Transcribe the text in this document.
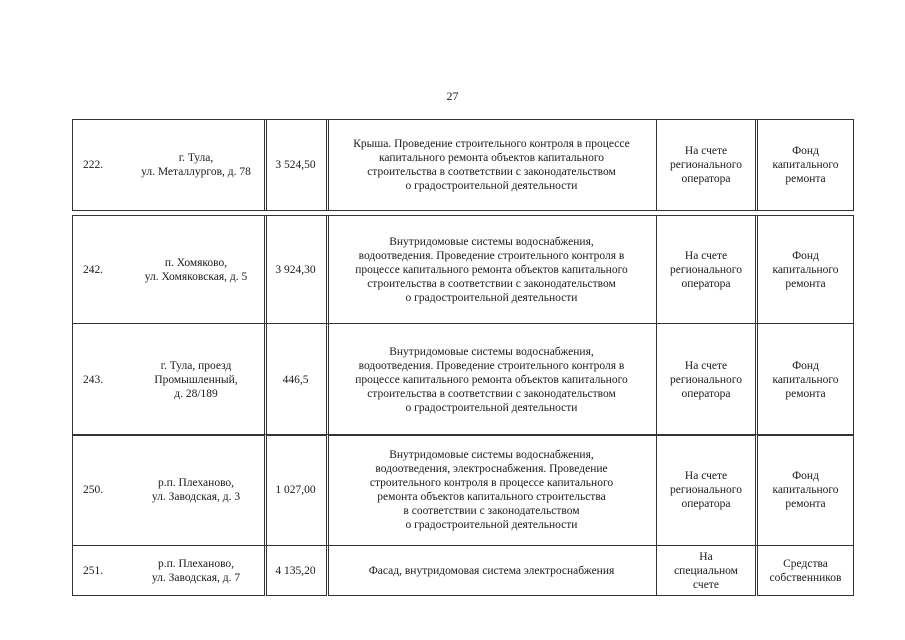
27
222.
г. Тула,
ул. Металлургов, д. 78
3 524,50
Крыша. Проведение строительного контроля в процессе
капитального ремонта объектов капитального
строительства в соответствии с законодательством
о градостроительной деятельности
На счете
регионального
оператора
Фонд
капитального
ремонта
242.
п. Хомяково,
ул. Хомяковская, д. 5
3 924,30
Внутридомовые системы водоснабжения,
водоотведения. Проведение строительного контроля в
процессе капитального ремонта объектов капитального
строительства в соответствии с законодательством
о градостроительной деятельности
На счете
регионального
оператора
Фонд
капитального
ремонта
243.
г. Тула, проезд
Промышленный,
д. 28/189
446,5
Внутридомовые системы водоснабжения,
водоотведения. Проведение строительного контроля в
процессе капитального ремонта объектов капитального
строительства в соответствии с законодательством
о градостроительной деятельности
На счете
регионального
оператора
Фонд
капитального
ремонта
250.
р.п. Плеханово,
ул. Заводская, д. 3
1 027,00
Внутридомовые системы водоснабжения,
водоотведения, электроснабжения. Проведение
строительного контроля в процессе капитального
ремонта объектов капитального строительства
в соответствии с законодательством
о градостроительной деятельности
На счете
регионального
оператора
Фонд
капитального
ремонта
251.
р.п. Плеханово,
ул. Заводская, д. 7
4 135,20	Фасад, внутридомовая система электроснабжения
На
специальном
счете
Средства
собственников
